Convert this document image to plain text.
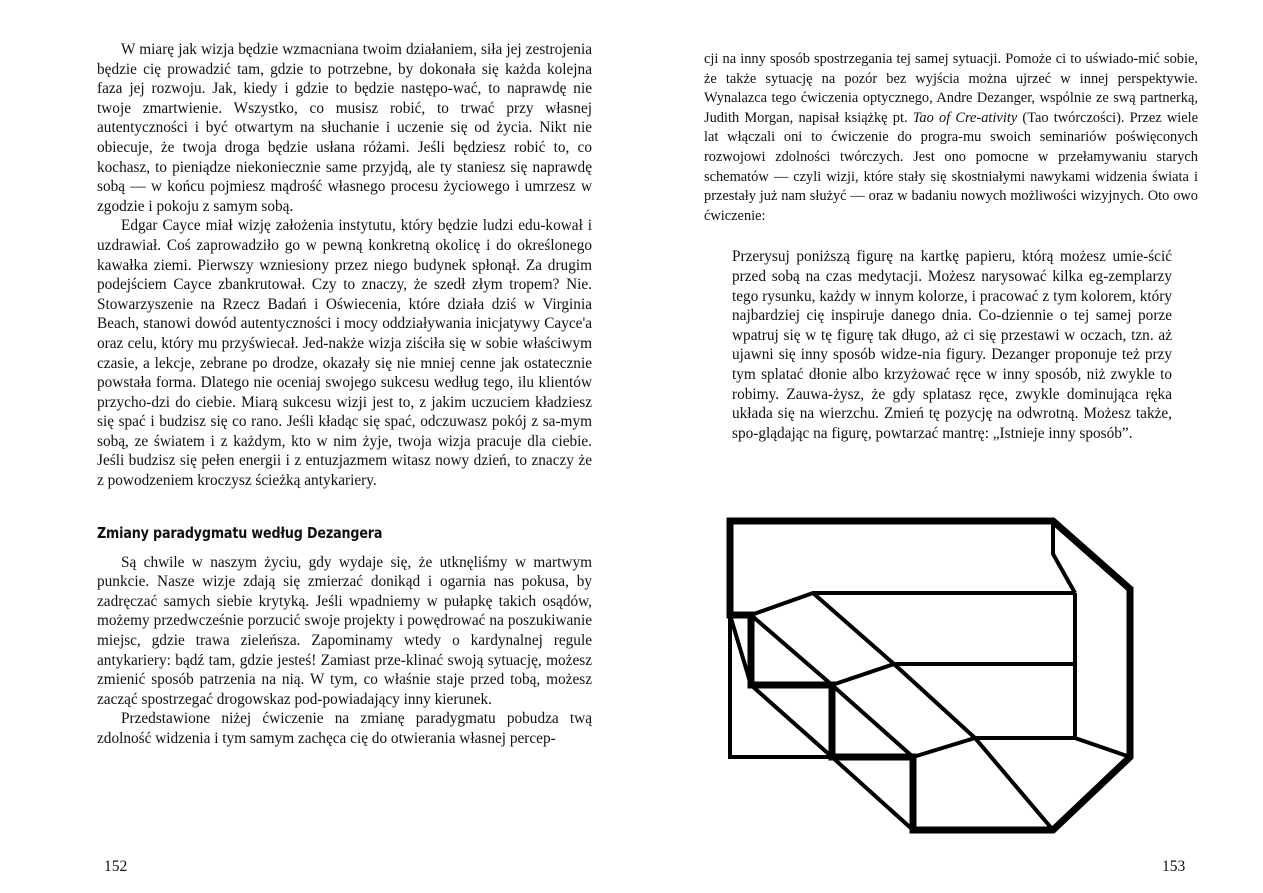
W miarę jak wizja będzie wzmacniana twoim działaniem, siła jej zestrojenia będzie cię prowadzić tam, gdzie to potrzebne, by dokonała się każda kolejna faza jej rozwoju. Jak, kiedy i gdzie to będzie następo-wać, to naprawdę nie twoje zmartwienie. Wszystko, co musisz robić, to trwać przy własnej autentyczności i być otwartym na słuchanie i uczenie się od życia. Nikt nie obiecuje, że twoja droga będzie usłana różami. Jeśli będziesz robić to, co kochasz, to pieniądze niekoniecznie same przyjdą, ale ty staniesz się naprawdę sobą — w końcu pojmiesz mądrość własnego procesu życiowego i umrzesz w zgodzie i pokoju z samym sobą.

Edgar Cayce miał wizję założenia instytutu, który będzie ludzi edu-kował i uzdrawiał. Coś zaprowadziło go w pewną konkretną okolicę i do określonego kawałka ziemi. Pierwszy wzniesiony przez niego budynek spłonął. Za drugim podejściem Cayce zbankrutował. Czy to znaczy, że szedł złym tropem? Nie. Stowarzyszenie na Rzecz Badań i Oświecenia, które działa dziś w Virginia Beach, stanowi dowód autentyczności i mocy oddziaływania inicjatywy Cayce'a oraz celu, który mu przyświecał. Jed-nakże wizja ziściła się w sobie właściwym czasie, a lekcje, zebrane po drodze, okazały się nie mniej cenne jak ostatecznie powstała forma. Dlatego nie oceniaj swojego sukcesu według tego, ilu klientów przycho-dzi do ciebie. Miarą sukcesu wizji jest to, z jakim uczuciem kładziesz się spać i budzisz się co rano. Jeśli kładąc się spać, odczuwasz pokój z sa-mym sobą, ze światem i z każdym, kto w nim żyje, twoja wizja pracuje dla ciebie. Jeśli budzisz się pełen energii i z entuzjazmem witasz nowy dzień, to znaczy że z powodzeniem kroczysz ścieżką antykariery.

Zmiany paradygmatu według Dezangera

Są chwile w naszym życiu, gdy wydaje się, że utknęliśmy w martwym punkcie. Nasze wizje zdają się zmierzać donikąd i ogarnia nas pokusa, by zadręczać samych siebie krytyką. Jeśli wpadniemy w pułapkę takich osądów, możemy przedwcześnie porzucić swoje projekty i powędrować na poszukiwanie miejsc, gdzie trawa zieleńsza. Zapominamy wtedy o kardynalnej regule antykariery: bądź tam, gdzie jesteś! Zamiast prze-klinać swoją sytuację, możesz zmienić sposób patrzenia na nią. W tym, co właśnie staje przed tobą, możesz zacząć spostrzegać drogowskaz pod-powiadający inny kierunek.

Przedstawione niżej ćwiczenie na zmianę paradygmatu pobudza twą zdolność widzenia i tym samym zachęca cię do otwierania własnej percep-

152

cji na inny sposób spostrzegania tej samej sytuacji. Pomoże ci to uświado-mić sobie, że także sytuację na pozór bez wyjścia można ujrzeć w innej perspektywie. Wynalazca tego ćwiczenia optycznego, Andre Dezanger, wspólnie ze swą partnerką, Judith Morgan, napisał książkę pt. Tao of Cre-ativity (Tao twórczości). Przez wiele lat włączali oni to ćwiczenie do progra-mu swoich seminariów poświęconych rozwojowi zdolności twórczych. Jest ono pomocne w przełamywaniu starych schematów — czyli wizji, które stały się skostniałymi nawykami widzenia świata i przestały już nam służyć — oraz w badaniu nowych możliwości wizyjnych. Oto owo ćwiczenie:

Przerysuj poniższą figurę na kartkę papieru, którą możesz umie-ścić przed sobą na czas medytacji. Możesz narysować kilka eg-zemplarzy tego rysunku, każdy w innym kolorze, i pracować z tym kolorem, który najbardziej cię inspiruje danego dnia. Co-dziennie o tej samej porze wpatruj się w tę figurę tak długo, aż ci się przestawi w oczach, tzn. aż ujawni się inny sposób widze-nia figury. Dezanger proponuje też przy tym splatać dłonie albo krzyżować ręce w inny sposób, niż zwykle to robimy. Zauwa-żysz, że gdy splatasz ręce, zwykle dominująca ręka układa się na wierzchu. Zmień tę pozycję na odwrotną. Możesz także, spo-glądając na figurę, powtarzać mantrę: „Istnieje inny sposób”.

153
